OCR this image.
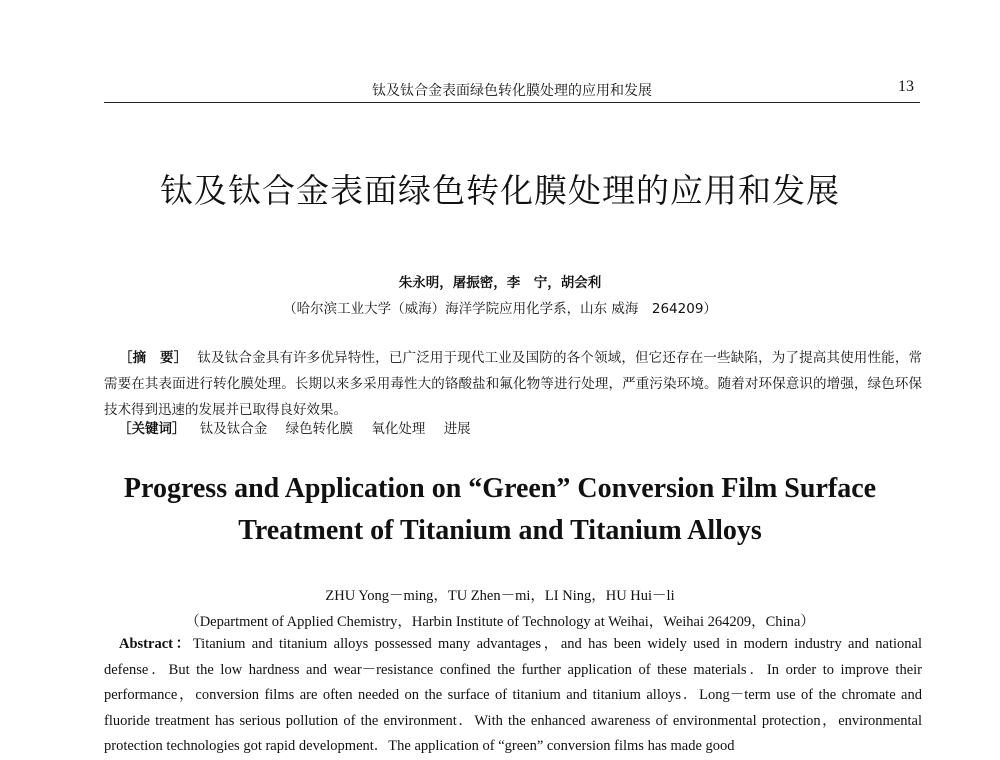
钛及钛合金表面绿色转化膜处理的应用和发展	13
钛及钛合金表面绿色转化膜处理的应用和发展
朱永明，屠振密，李　宁，胡会利
（哈尔滨工业大学（威海）海洋学院应用化学系，山东 威海　264209）
［摘　要］ 钛及钛合金具有许多优异特性，已广泛用于现代工业及国防的各个领域，但它还存在一些缺陷，为了提高其使用性能，常需要在其表面进行转化膜处理。长期以来多采用毒性大的铬酸盐和氟化物等进行处理，严重污染环境。随着对环保意识的增强，绿色环保技术得到迅速的发展并已取得良好效果。
［关键词］ 钛及钛合金 绿色转化膜 氧化处理 进展
Progress and Application on “Green” Conversion Film Surface
Treatment of Titanium and Titanium Alloys
ZHU Yong－ming，TU Zhen－mi，LI Ning，HU Hui－li
（Department of Applied Chemistry，Harbin Institute of Technology at Weihai，Weihai 264209，China）
Abstract：Titanium and titanium alloys possessed many advantages，and has been widely used in modern industry and national defense．But the low hardness and wear－resistance confined the further application of these materials．In order to improve their performance，conversion films are often needed on the surface of titanium and titanium alloys．Long－term use of the chromate and fluoride treatment has serious pollution of the environment．With the enhanced awareness of environmental protection，environmental protection technologies got rapid development．The application of “green” conversion films has made good
